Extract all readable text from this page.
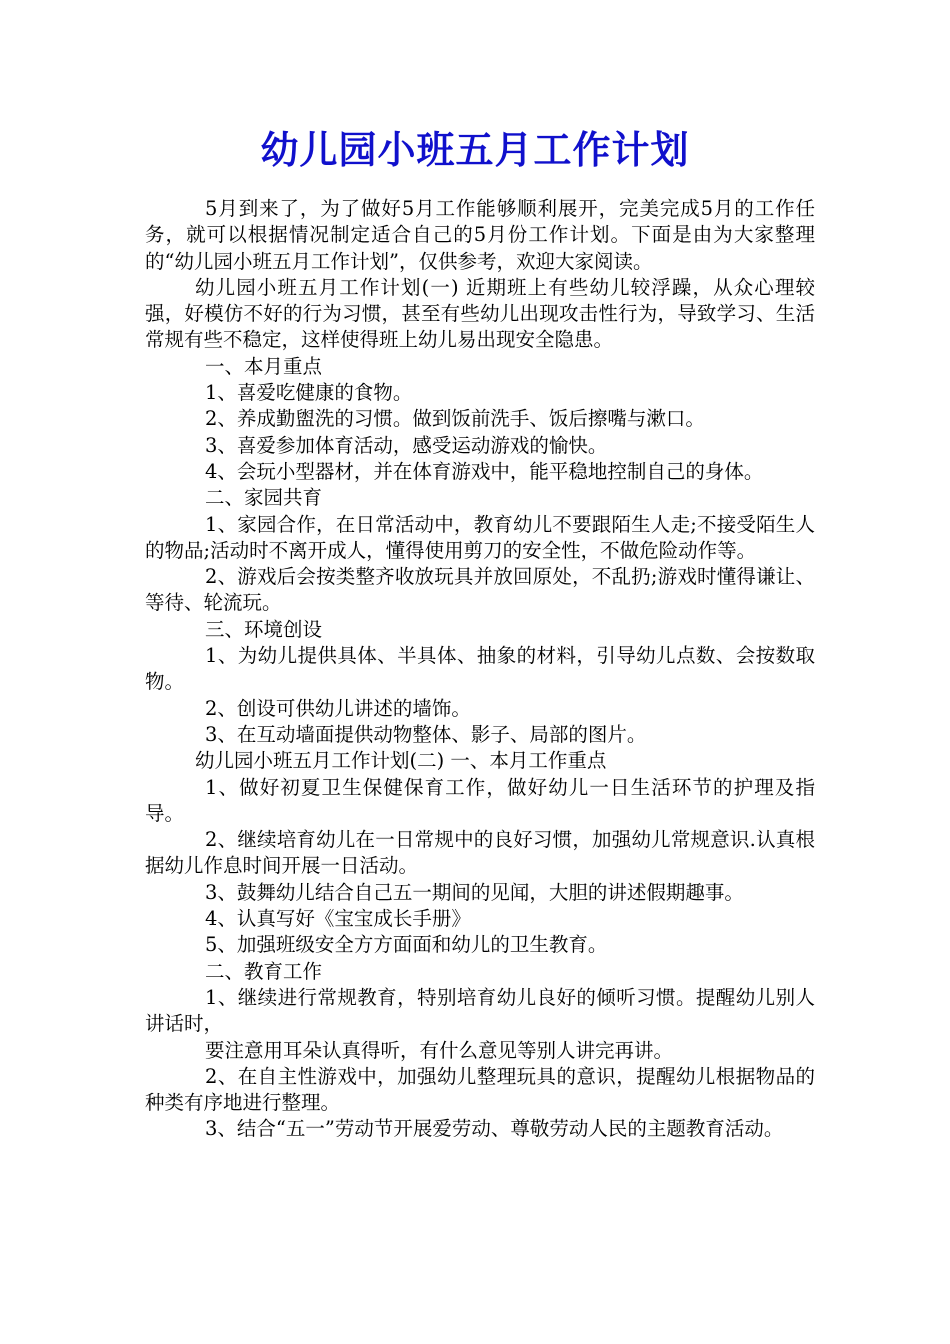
幼儿园小班五月工作计划

5月到来了，为了做好5月工作能够顺利展开，完美完成5月的工作任务，就可以根据情况制定适合自己的5月份工作计划。下面是由为大家整理的“幼儿园小班五月工作计划”，仅供参考，欢迎大家阅读。

幼儿园小班五月工作计划(一) 近期班上有些幼儿较浮躁，从众心理较强，好模仿不好的行为习惯，甚至有些幼儿出现攻击性行为，导致学习、生活常规有些不稳定，这样使得班上幼儿易出现安全隐患。

一、本月重点

1、喜爱吃健康的食物。

2、养成勤盥洗的习惯。做到饭前洗手、饭后擦嘴与漱口。

3、喜爱参加体育活动，感受运动游戏的愉快。

4、会玩小型器材，并在体育游戏中，能平稳地控制自己的身体。

二、家园共育

1、家园合作，在日常活动中，教育幼儿不要跟陌生人走;不接受陌生人的物品;活动时不离开成人，懂得使用剪刀的安全性，不做危险动作等。

2、游戏后会按类整齐收放玩具并放回原处，不乱扔;游戏时懂得谦让、等待、轮流玩。

三、环境创设

1、为幼儿提供具体、半具体、抽象的材料，引导幼儿点数、会按数取物。

2、创设可供幼儿讲述的墙饰。

3、在互动墙面提供动物整体、影子、局部的图片。

幼儿园小班五月工作计划(二) 一、本月工作重点

1、做好初夏卫生保健保育工作，做好幼儿一日生活环节的护理及指导。

2、继续培育幼儿在一日常规中的良好习惯，加强幼儿常规意识.认真根据幼儿作息时间开展一日活动。

3、鼓舞幼儿结合自己五一期间的见闻，大胆的讲述假期趣事。

4、认真写好《宝宝成长手册》

5、加强班级安全方方面面和幼儿的卫生教育。

二、教育工作

1、继续进行常规教育，特别培育幼儿良好的倾听习惯。提醒幼儿别人讲话时，

要注意用耳朵认真得听，有什么意见等别人讲完再讲。

2、在自主性游戏中，加强幼儿整理玩具的意识，提醒幼儿根据物品的种类有序地进行整理。

3、结合“五一”劳动节开展爱劳动、尊敬劳动人民的主题教育活动。
